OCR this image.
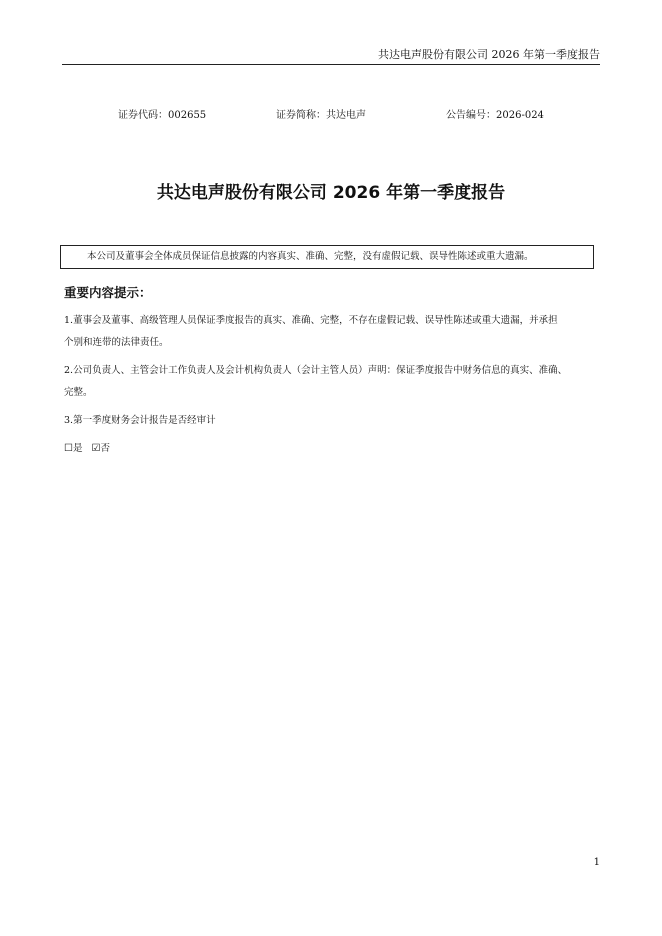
共达电声股份有限公司 2026 年第一季度报告
证券代码：002655	证券简称：共达电声	公告编号：2026-024
共达电声股份有限公司 2026 年第一季度报告
本公司及董事会全体成员保证信息披露的内容真实、准确、完整，没有虚假记载、误导性陈述或重大遗漏。
重要内容提示：
1.董事会及董事、高级管理人员保证季度报告的真实、准确、完整，不存在虚假记载、误导性陈述或重大遗漏，并承担
个别和连带的法律责任。
2.公司负责人、主管会计工作负责人及会计机构负责人（会计主管人员）声明：保证季度报告中财务信息的真实、准确、
完整。
3.第一季度财务会计报告是否经审计
☐是 ☑否
1
